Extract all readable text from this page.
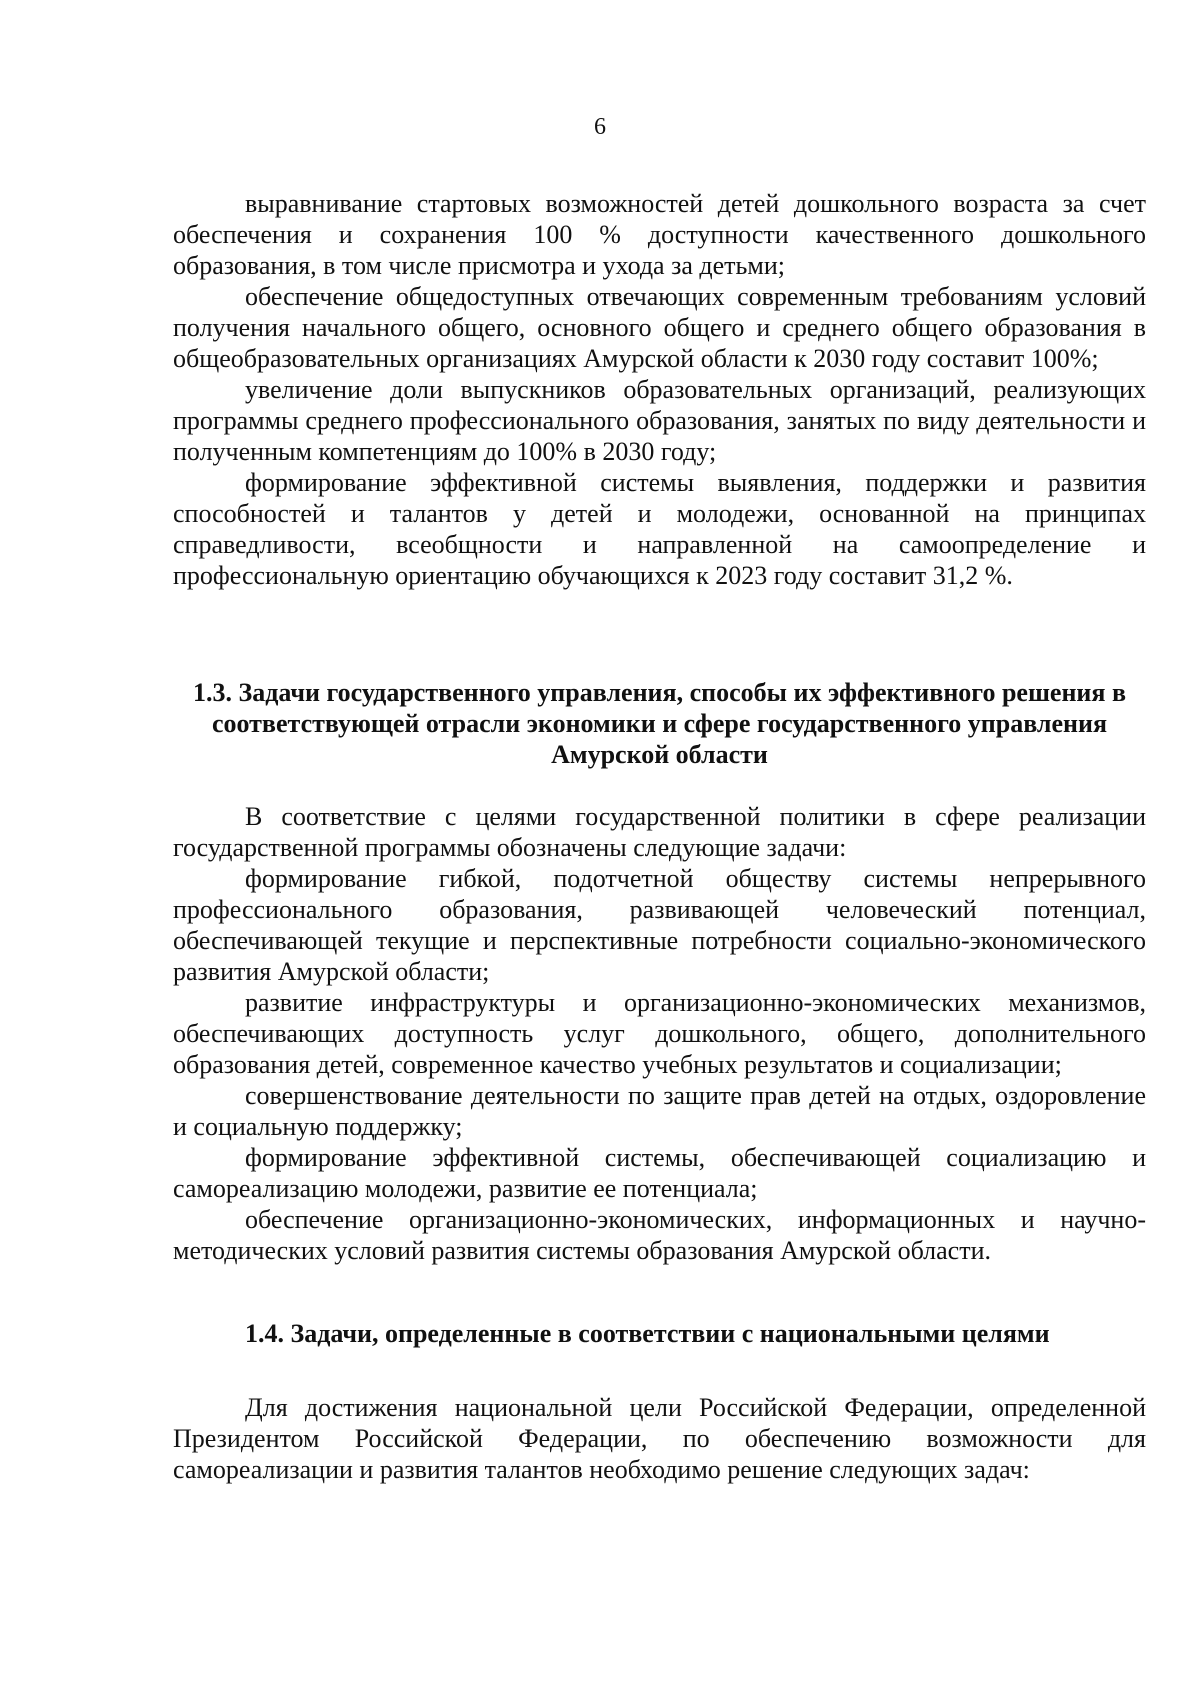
6

выравнивание стартовых возможностей детей дошкольного возраста за счет обеспечения и сохранения 100 % доступности качественного дошкольного образования, в том числе присмотра и ухода за детьми;

обеспечение общедоступных отвечающих современным требованиям условий получения начального общего, основного общего и среднего общего образования в общеобразовательных организациях Амурской области к 2030 году составит 100%;

увеличение доли выпускников образовательных организаций, реализующих программы среднего профессионального образования, занятых по виду деятельности и полученным компетенциям до 100% в 2030 году;

формирование эффективной системы выявления, поддержки и развития способностей и талантов у детей и молодежи, основанной на принципах справедливости, всеобщности и направленной на самоопределение и профессиональную ориентацию обучающихся к 2023 году составит 31,2 %.

1.3. Задачи государственного управления, способы их эффективного решения в соответствующей отрасли экономики и сфере государственного управления Амурской области

В соответствие с целями государственной политики в сфере реализации государственной программы обозначены следующие задачи:

формирование гибкой, подотчетной обществу системы непрерывного профессионального образования, развивающей человеческий потенциал, обеспечивающей текущие и перспективные потребности социально-экономического развития Амурской области;

развитие инфраструктуры и организационно-экономических механизмов, обеспечивающих доступность услуг дошкольного, общего, дополнительного образования детей, современное качество учебных результатов и социализации;

совершенствование деятельности по защите прав детей на отдых, оздоровление и социальную поддержку;

формирование эффективной системы, обеспечивающей социализацию и самореализацию молодежи, развитие ее потенциала;

обеспечение организационно-экономических, информационных и научно-методических условий развития системы образования Амурской области.

1.4. Задачи, определенные в соответствии с национальными целями

Для достижения национальной цели Российской Федерации, определенной Президентом Российской Федерации, по обеспечению возможности для самореализации и развития талантов необходимо решение следующих задач:
